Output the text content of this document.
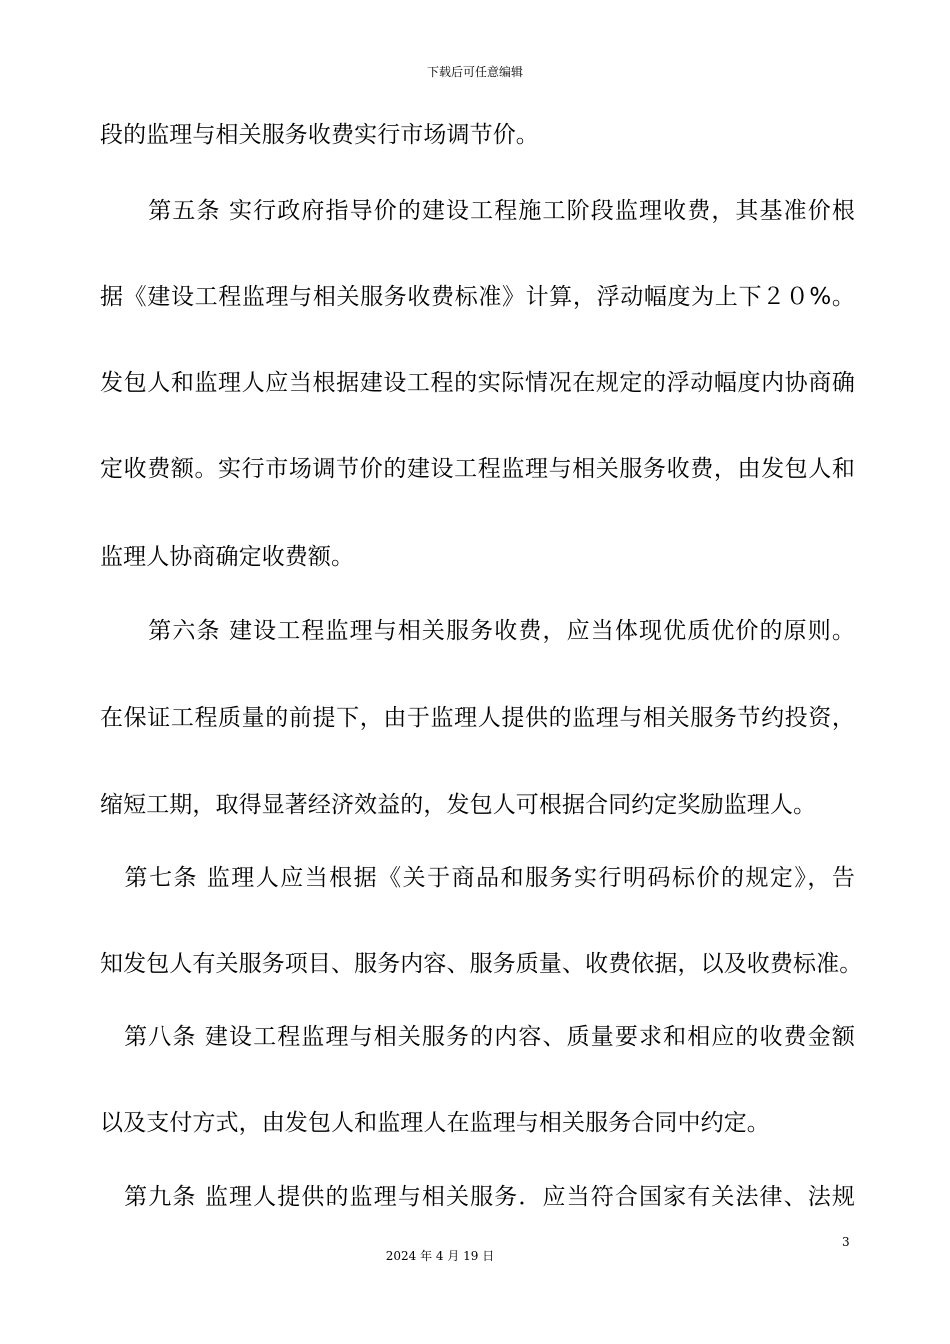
下载后可任意编辑
段的监理与相关服务收费实行市场调节价。
　　第五条 实行政府指导价的建设工程施工阶段监理收费，其基准价根
据《建设工程监理与相关服务收费标准》计算，浮动幅度为上下２０%。
发包人和监理人应当根据建设工程的实际情况在规定的浮动幅度内协商确
定收费额。实行市场调节价的建设工程监理与相关服务收费，由发包人和
监理人协商确定收费额。
　　第六条 建设工程监理与相关服务收费，应当体现优质优价的原则。
在保证工程质量的前提下，由于监理人提供的监理与相关服务节约投资，
缩短工期，取得显著经济效益的，发包人可根据合同约定奖励监理人。
　第七条 监理人应当根据《关于商品和服务实行明码标价的规定》，告
知发包人有关服务项目、服务内容、服务质量、收费依据，以及收费标准。
　第八条 建设工程监理与相关服务的内容、质量要求和相应的收费金额
以及支付方式，由发包人和监理人在监理与相关服务合同中约定。
　第九条 监理人提供的监理与相关服务．应当符合国家有关法律、法规
3
2024 年 4 月 19 日
